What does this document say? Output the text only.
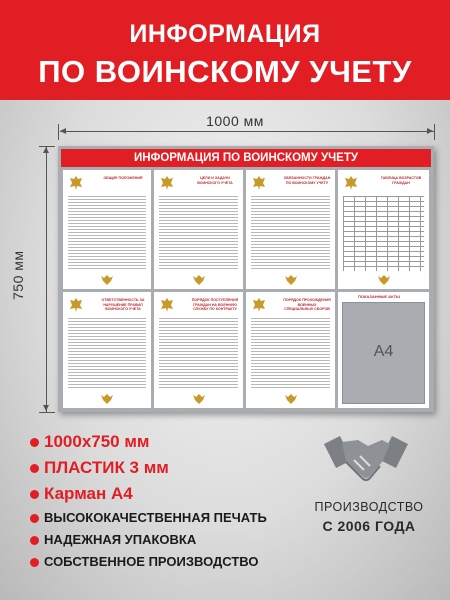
ИНФОРМАЦИЯ
ПО ВОИНСКОМУ УЧЕТУ
1000 мм
750 мм
ИНФОРМАЦИЯ ПО ВОИНСКОМУ УЧЕТУ
ОБЩИЕ ПОЛОЖЕНИЯ	ЦЕЛИ И ЗАДАЧИ ВОИНСКОГО УЧЕТА
ОБЯЗАННОСТИ ГРАЖДАН ПО ВОИНСКОМУ УЧЕТУ
ТАБЛИЦА ВОЗРАСТОВ ГРАЖДАН
ОТВЕТСТВЕННОСТЬ ЗА НАРУШЕНИЕ ПРАВИЛ ВОИНСКОГО УЧЕТА
ПОРЯДОК ПОСТУПЛЕНИЯ ГРАЖДАН НА ВОЕННУЮ СЛУЖБУ ПО КОНТРАКТУ
ПОРЯДОК ПРОХОЖДЕНИЯ ВОЕННЫХ СПЕЦИАЛЬНЫХ СБОРОВ
ПОКАЗАННЫЕ АКТЫ
A4
1000x750 мм
ПЛАСТИК 3 мм
Карман А4
ВЫСОКОКАЧЕСТВЕННАЯ ПЕЧАТЬ
НАДЕЖНАЯ УПАКОВКА
СОБСТВЕННОЕ ПРОИЗВОДСТВО
ПРОИЗВОДСТВО
С 2006 ГОДА
